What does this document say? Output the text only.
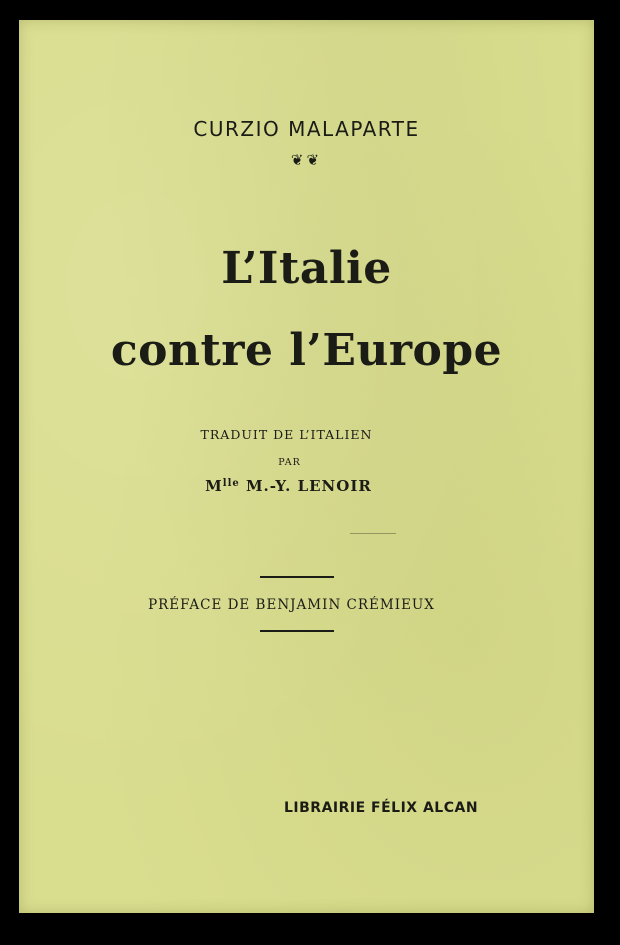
CURZIO MALAPARTE
❦❦
L’Italie
contre l’Europe
TRADUIT DE L’ITALIEN
PAR
$M^{lle}$ M.-Y. LENOIR
PRÉFACE DE BENJAMIN CRÉMIEUX
LIBRAIRIE FÉLIX ALCAN
